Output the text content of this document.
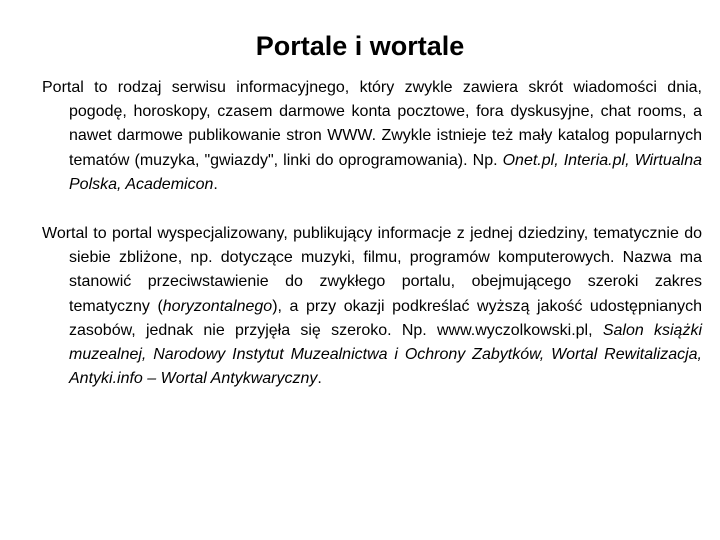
Portale i wortale

Portal to rodzaj serwisu informacyjnego, który zwykle zawiera skrót wiadomości dnia, pogodę, horoskopy, czasem darmowe konta pocztowe, fora dyskusyjne, chat rooms, a nawet darmowe publikowanie stron WWW. Zwykle istnieje też mały katalog popularnych tematów (muzyka, "gwiazdy", linki do oprogramowania). Np. Onet.pl, Interia.pl, Wirtualna Polska, Academicon.

Wortal to portal wyspecjalizowany, publikujący informacje z jednej dziedziny, tematycznie do siebie zbliżone, np. dotyczące muzyki, filmu, programów komputerowych. Nazwa ma stanowić przeciwstawienie do zwykłego portalu, obejmującego szeroki zakres tematyczny (horyzontalnego), a przy okazji podkreślać wyższą jakość udostępnianych zasobów, jednak nie przyjęła się szeroko. Np. www.wyczolkowski.pl, Salon książki muzealnej, Narodowy Instytut Muzealnictwa i Ochrony Zabytków, Wortal Rewitalizacja, Antyki.info – Wortal Antykwaryczny.
